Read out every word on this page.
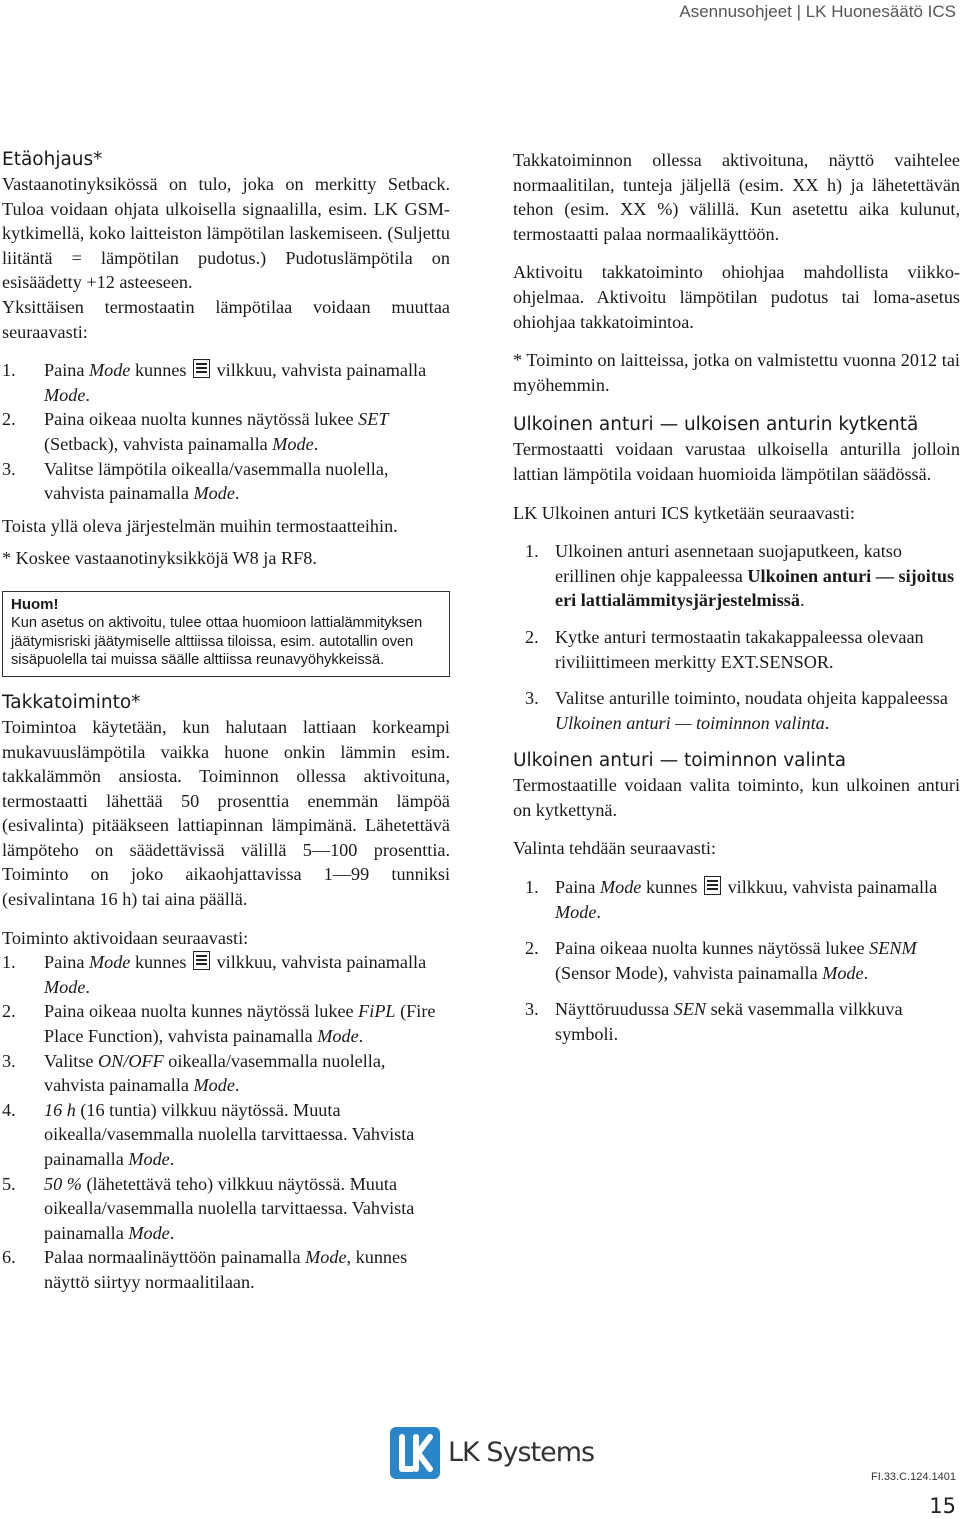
Asennusohjeet | LK Huonesäätö ICS
Etäohjaus*

Vastaanotinyksikössä on tulo, joka on merkitty Setback. Tuloa voidaan ohjata ulkoisella signaalilla, esim. LK GSM-kytkimellä, koko laitteiston lämpötilan laskemiseen. (Suljettu liitäntä = lämpötilan pudotus.) Pudotuslämpötila on esisäädetty +12 asteeseen.

Yksittäisen termostaatin lämpötilaa voidaan muuttaa seuraavasti:

1. Paina Mode kunnes  vilkkuu, vahvista painamalla Mode.
2. Paina oikeaa nuolta kunnes näytössä lukee SET (Setback), vahvista painamalla Mode.
3. Valitse lämpötila oikealla/vasemmalla nuolella, vahvista painamalla Mode.

Toista yllä oleva järjestelmän muihin termostaatteihin.

* Koskee vastaanotinyksikköjä W8 ja RF8.

Huom!
Kun asetus on aktivoitu, tulee ottaa huomioon lattialämmityksen jäätymisriski jäätymiselle alttiissa tiloissa, esim. autotallin oven sisäpuolella tai muissa säälle alttiissa reunavyöhykkeissä.
Takkatoiminto*

Toimintoa käytetään, kun halutaan lattiaan korkeampi mukavuuslämpötila vaikka huone onkin lämmin esim. takkalämmön ansiosta. Toiminnon ollessa aktivoituna, termostaatti lähettää 50 prosenttia enemmän lämpöä (esivalinta) pitääkseen lattiapinnan lämpimänä. Lähetettävä lämpöteho on säädettävissä välillä 5—100 prosenttia. Toiminto on joko aikaohjattavissa 1—99 tunniksi (esivalintana 16 h) tai aina päällä.

Toiminto aktivoidaan seuraavasti:

1. Paina Mode kunnes  vilkkuu, vahvista painamalla Mode.
2. Paina oikeaa nuolta kunnes näytössä lukee FiPL (Fire Place Function), vahvista painamalla Mode.
3. Valitse ON/OFF oikealla/vasemmalla nuolella, vahvista painamalla Mode.
4. 16 h (16 tuntia) vilkkuu näytössä. Muuta oikealla/vasemmalla nuolella tarvittaessa. Vahvista painamalla Mode.
5. 50 % (lähetettävä teho) vilkkuu näytössä. Muuta oikealla/vasemmalla nuolella tarvittaessa. Vahvista painamalla Mode.
6. Palaa normaalinäyttöön painamalla Mode, kunnes näyttö siirtyy normaalitilaan.

Takkatoiminnon ollessa aktivoituna, näyttö vaihtelee normaalitilan, tunteja jäljellä (esim. XX h) ja lähetettävän tehon (esim. XX %) välillä. Kun asetettu aika kulunut, termostaatti palaa normaalikäyttöön.

Aktivoitu takkatoiminto ohiohjaa mahdollista viikko-ohjelmaa. Aktivoitu lämpötilan pudotus tai loma-asetus ohiohjaa takkatoimintoa.

* Toiminto on laitteissa, jotka on valmistettu vuonna 2012 tai myöhemmin.

Ulkoinen anturi — ulkoisen anturin kytkentä

Termostaatti voidaan varustaa ulkoisella anturilla jolloin lattian lämpötila voidaan huomioida lämpötilan säädössä.

LK Ulkoinen anturi ICS kytketään seuraavasti:

1. Ulkoinen anturi asennetaan suojaputkeen, katso erillinen ohje kappaleessa Ulkoinen anturi — sijoitus eri lattialämmitysjärjestelmissä.
2. Kytke anturi termostaatin takakappaleessa olevaan riviliittimeen merkitty EXT.SENSOR.
3. Valitse anturille toiminto, noudata ohjeita kappaleessa Ulkoinen anturi — toiminnon valinta.
Ulkoinen anturi — toiminnon valinta

Termostaatille voidaan valita toiminto, kun ulkoinen anturi on kytkettynä.

Valinta tehdään seuraavasti:

1. Paina Mode kunnes  vilkkuu, vahvista painamalla Mode.
2. Paina oikeaa nuolta kunnes näytössä lukee SENM (Sensor Mode), vahvista painamalla Mode.
3. Näyttöruudussa SEN sekä vasemmalla vilkkuva symboli.
LK Systems
FI.33.C.124.1401
15
